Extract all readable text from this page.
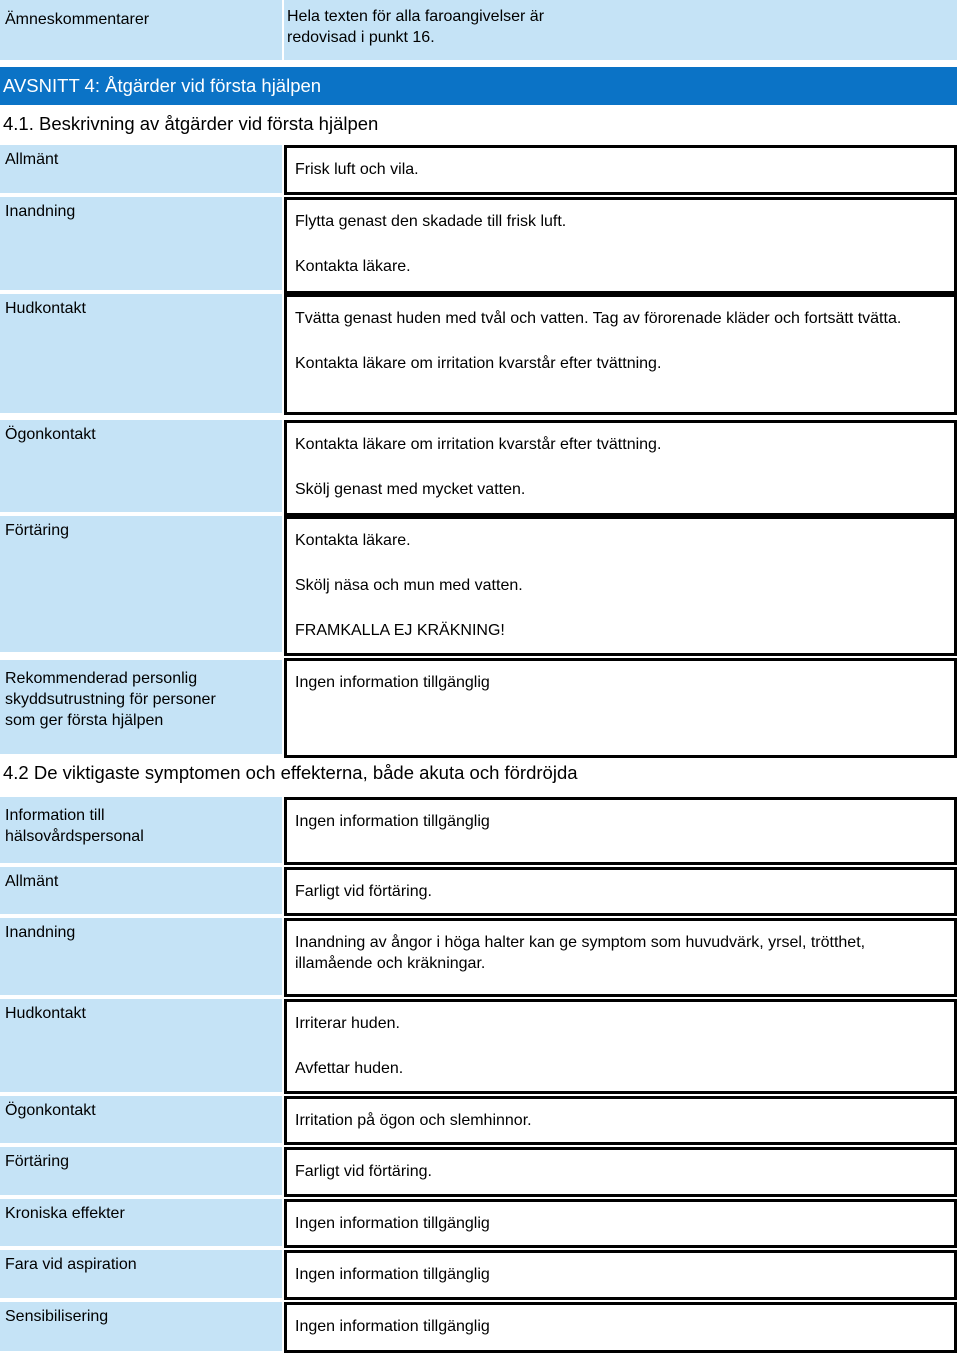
Ämneskommentarer	Hela texten för alla faroangivelser är
redovisad i punkt 16.
AVSNITT 4: Åtgärder vid första hjälpen
4.1. Beskrivning av åtgärder vid första hjälpen
Allmänt

Frisk luft och vila.

Inandning

Flytta genast den skadade till frisk luft.

Kontakta läkare.

Hudkontakt

Tvätta genast huden med tvål och vatten. Tag av förorenade kläder och fortsätt tvätta.

Kontakta läkare om irritation kvarstår efter tvättning.

Ögonkontakt

Kontakta läkare om irritation kvarstår efter tvättning.

Skölj genast med mycket vatten.

Förtäring

Kontakta läkare.

Skölj näsa och mun med vatten.

FRAMKALLA EJ KRÄKNING!

Rekommenderad personlig
skyddsutrustning för personer
som ger första hjälpen

Ingen information tillgänglig

4.2 De viktigaste symptomen och effekterna, både akuta och fördröjda
Information till
hälsovårdspersonal

Ingen information tillgänglig

Allmänt

Farligt vid förtäring.

Inandning

Inandning av ångor i höga halter kan ge symptom som huvudvärk, yrsel, trötthet, illamående och kräkningar.

Hudkontakt

Irriterar huden.

Avfettar huden.

Ögonkontakt

Irritation på ögon och slemhinnor.

Förtäring

Farligt vid förtäring.

Kroniska effekter

Ingen information tillgänglig

Fara vid aspiration

Ingen information tillgänglig

Sensibilisering

Ingen information tillgänglig
